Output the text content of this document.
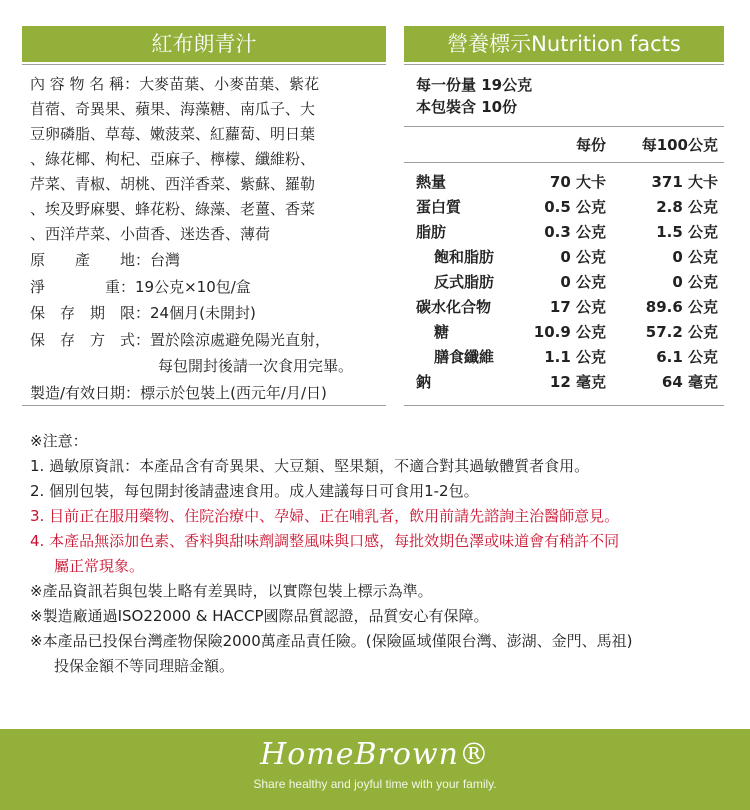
紅布朗青汁	營養標示Nutrition facts
內 容 物 名 稱： 大麥苗葉、小麥苗葉、紫花
苜蓿、奇異果、蘋果、海藻糖、南瓜子、大
豆卵磷脂、草莓、嫩菠菜、紅蘿蔔、明日葉
、綠花椰、枸杞、亞麻子、檸檬、纖維粉、
芹菜、青椒、胡桃、西洋香菜、紫蘇、羅勒
、埃及野麻嬰、蜂花粉、綠藻、老薑、香菜
、西洋芹菜、小茴香、迷迭香、薄荷
原　　產　　地： 台灣
淨　　　　重： 19公克×10包/盒
保　存　期　限： 24個月(未開封)
保　存　方　式： 置於陰涼處避免陽光直射，
每包開封後請一次食用完畢。
製造/有效日期： 標示於包裝上(西元年/月/日)
每一份量 19公克
本包裝含 10份
	每份	每100公克
熱量	70 大卡	371 大卡
蛋白質	0.5 公克	2.8 公克
脂肪	0.3 公克	1.5 公克
飽和脂肪	0 公克	0 公克
反式脂肪	0 公克	0 公克
碳水化合物	17 公克	89.6 公克
糖	10.9 公克	57.2 公克
膳食纖維	1.1 公克	6.1 公克
鈉	12 毫克	64 毫克
※注意：
1. 過敏原資訊：本產品含有奇異果、大豆類、堅果類，不適合對其過敏體質者食用。
2. 個別包裝，每包開封後請盡速食用。成人建議每日可食用1-2包。
3. 目前正在服用藥物、住院治療中、孕婦、正在哺乳者，飲用前請先諮詢主治醫師意見。
4. 本產品無添加色素、香料與甜味劑調整風味與口感，每批效期色澤或味道會有稍許不同
屬正常現象。
※產品資訊若與包裝上略有差異時，以實際包裝上標示為準。
※製造廠通過ISO22000 & HACCP國際品質認證，品質安心有保障。
※本產品已投保台灣產物保險2000萬產品責任險。(保險區域僅限台灣、澎湖、金門、馬祖)
投保金額不等同理賠金額。
HomeBrown®
Share healthy and joyful time with your family.
